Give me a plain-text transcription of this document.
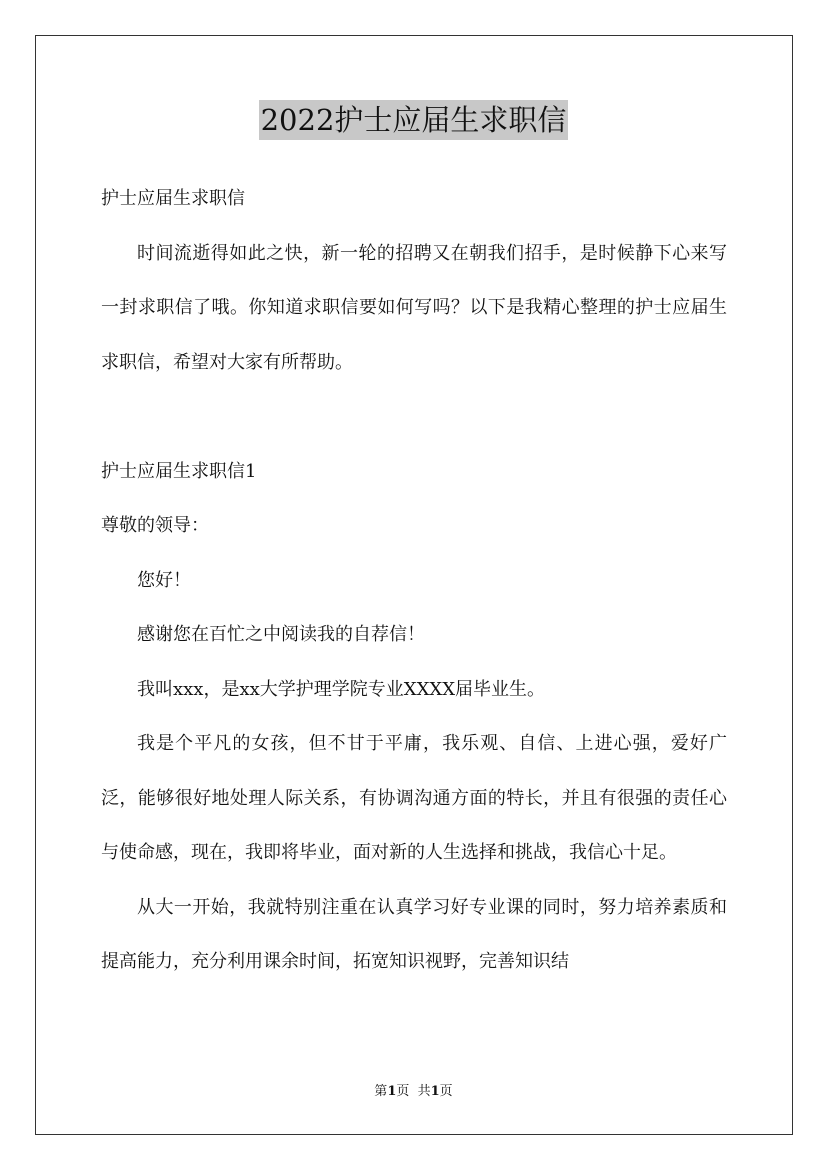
2022护士应届生求职信

护士应届生求职信

时间流逝得如此之快，新一轮的招聘又在朝我们招手，是时候静下心来写一封求职信了哦。你知道求职信要如何写吗？以下是我精心整理的护士应届生求职信，希望对大家有所帮助。

护士应届生求职信1

尊敬的领导：

您好！

感谢您在百忙之中阅读我的自荐信！

我叫xxx，是xx大学护理学院专业XXXX届毕业生。

我是个平凡的女孩，但不甘于平庸，我乐观、自信、上进心强，爱好广泛，能够很好地处理人际关系，有协调沟通方面的特长，并且有很强的责任心与使命感，现在，我即将毕业，面对新的人生选择和挑战，我信心十足。

从大一开始，我就特别注重在认真学习好专业课的同时，努力培养素质和提高能力，充分利用课余时间，拓宽知识视野，完善知识结

第1页  共1页
